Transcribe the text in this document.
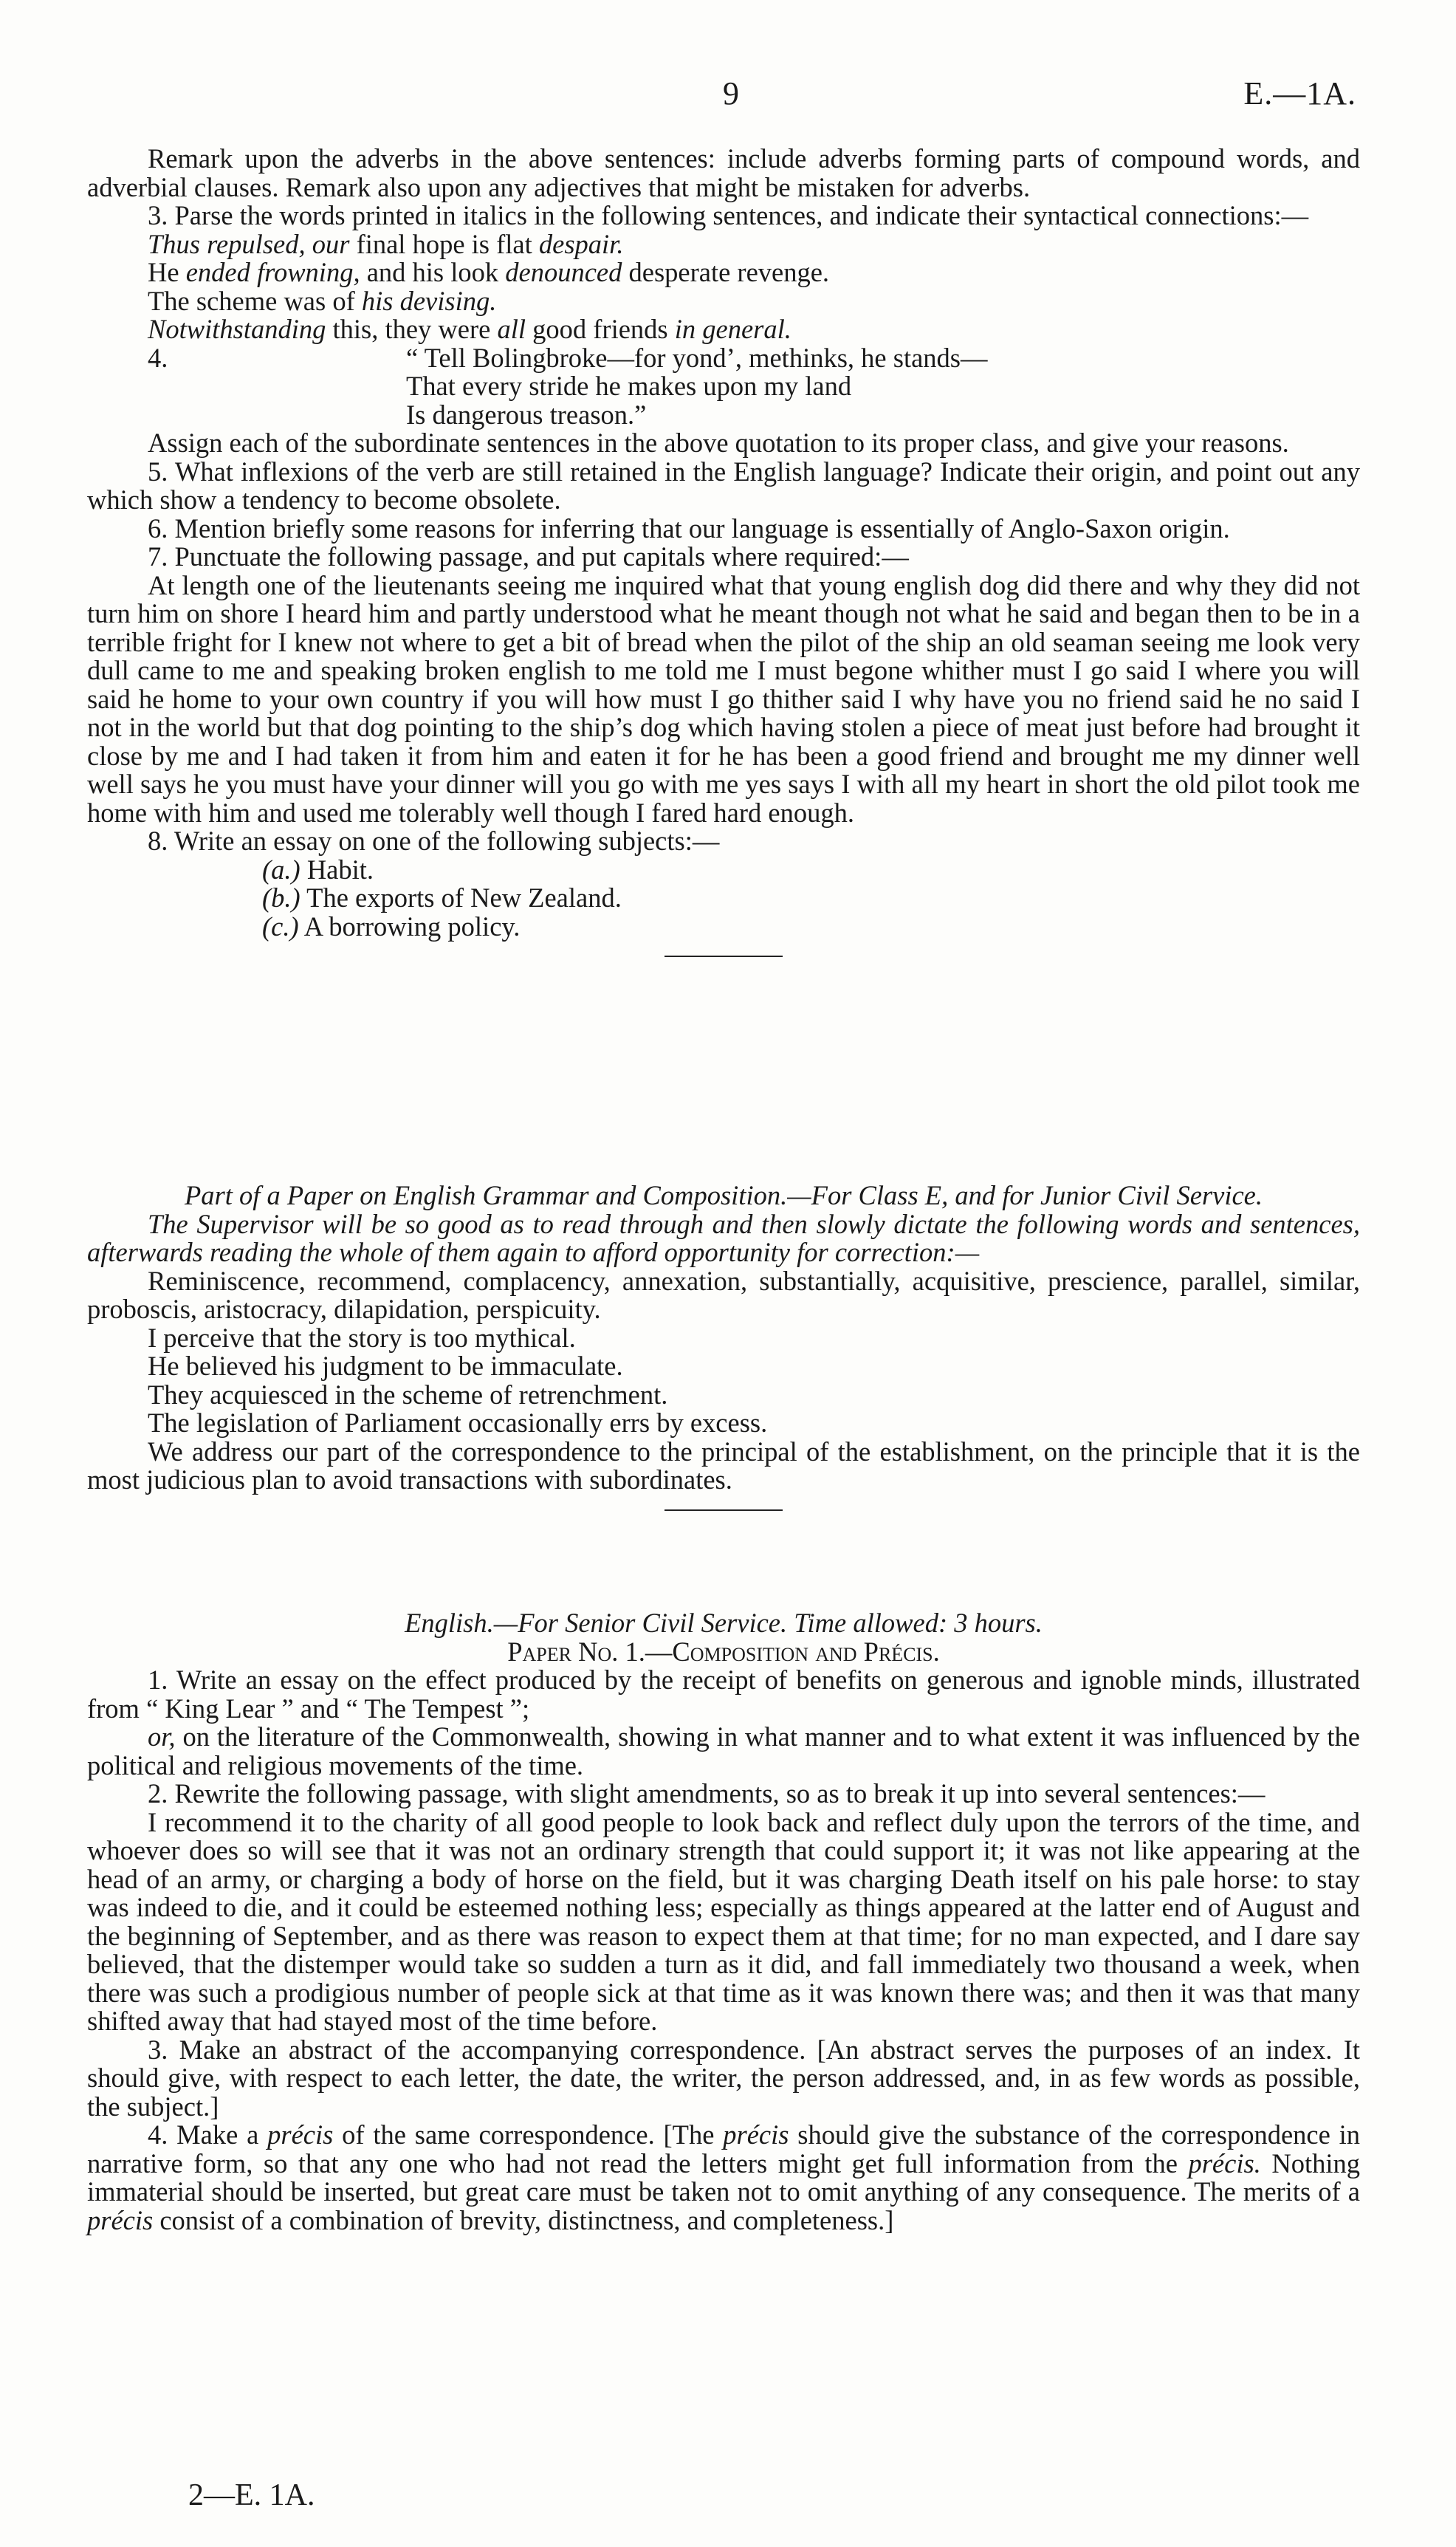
9	E.—1A.

Remark upon the adverbs in the above sentences: include adverbs forming parts of compound words, and adverbial clauses. Remark also upon any adjectives that might be mistaken for adverbs.

3. Parse the words printed in italics in the following sentences, and indicate their syntactical connections:—

Thus repulsed, our final hope is flat despair.

He ended frowning, and his look denounced desperate revenge.

The scheme was of his devising.

Notwithstanding this, they were all good friends in general.

4.	“ Tell Bolingbroke—for yond’, methinks, he stands—

That every stride he makes upon my land

Is dangerous treason.”

Assign each of the subordinate sentences in the above quotation to its proper class, and give your reasons.

5. What inflexions of the verb are still retained in the English language? Indicate their origin, and point out any which show a tendency to become obsolete.

6. Mention briefly some reasons for inferring that our language is essentially of Anglo-Saxon origin.

7. Punctuate the following passage, and put capitals where required:—

At length one of the lieutenants seeing me inquired what that young english dog did there and why they did not turn him on shore I heard him and partly understood what he meant though not what he said and began then to be in a terrible fright for I knew not where to get a bit of bread when the pilot of the ship an old seaman seeing me look very dull came to me and speaking broken english to me told me I must begone whither must I go said I where you will said he home to your own country if you will how must I go thither said I why have you no friend said he no said I not in the world but that dog pointing to the ship’s dog which having stolen a piece of meat just before had brought it close by me and I had taken it from him and eaten it for he has been a good friend and brought me my dinner well well says he you must have your dinner will you go with me yes says I with all my heart in short the old pilot took me home with him and used me tolerably well though I fared hard enough.

8. Write an essay on one of the following subjects:—

(a.) Habit.

(b.) The exports of New Zealand.

(c.) A borrowing policy.

Part of a Paper on English Grammar and Composition.—For Class E, and for Junior Civil Service.

The Supervisor will be so good as to read through and then slowly dictate the following words and sentences, afterwards reading the whole of them again to afford opportunity for correction:—

Reminiscence, recommend, complacency, annexation, substantially, acquisitive, prescience, parallel, similar, proboscis, aristocracy, dilapidation, perspicuity.

I perceive that the story is too mythical.

He believed his judgment to be immaculate.

They acquiesced in the scheme of retrenchment.

The legislation of Parliament occasionally errs by excess.

We address our part of the correspondence to the principal of the establishment, on the principle that it is the most judicious plan to avoid transactions with subordinates.

English.—For Senior Civil Service. Time allowed: 3 hours.

Paper No. 1.—Composition and Précis.

1. Write an essay on the effect produced by the receipt of benefits on generous and ignoble minds, illustrated from “ King Lear ” and “ The Tempest ”;

or, on the literature of the Commonwealth, showing in what manner and to what extent it was influenced by the political and religious movements of the time.

2. Rewrite the following passage, with slight amendments, so as to break it up into several sentences:—

I recommend it to the charity of all good people to look back and reflect duly upon the terrors of the time, and whoever does so will see that it was not an ordinary strength that could support it; it was not like appearing at the head of an army, or charging a body of horse on the field, but it was charging Death itself on his pale horse: to stay was indeed to die, and it could be esteemed nothing less; especially as things appeared at the latter end of August and the beginning of September, and as there was reason to expect them at that time; for no man expected, and I dare say believed, that the distemper would take so sudden a turn as it did, and fall immediately two thousand a week, when there was such a prodigious number of people sick at that time as it was known there was; and then it was that many shifted away that had stayed most of the time before.

3. Make an abstract of the accompanying correspondence. [An abstract serves the purposes of an index. It should give, with respect to each letter, the date, the writer, the person addressed, and, in as few words as possible, the subject.]

4. Make a précis of the same correspondence. [The précis should give the substance of the correspondence in narrative form, so that any one who had not read the letters might get full information from the précis. Nothing immaterial should be inserted, but great care must be taken not to omit anything of any consequence. The merits of a précis consist of a combination of brevity, distinctness, and completeness.]

2—E. 1A.
